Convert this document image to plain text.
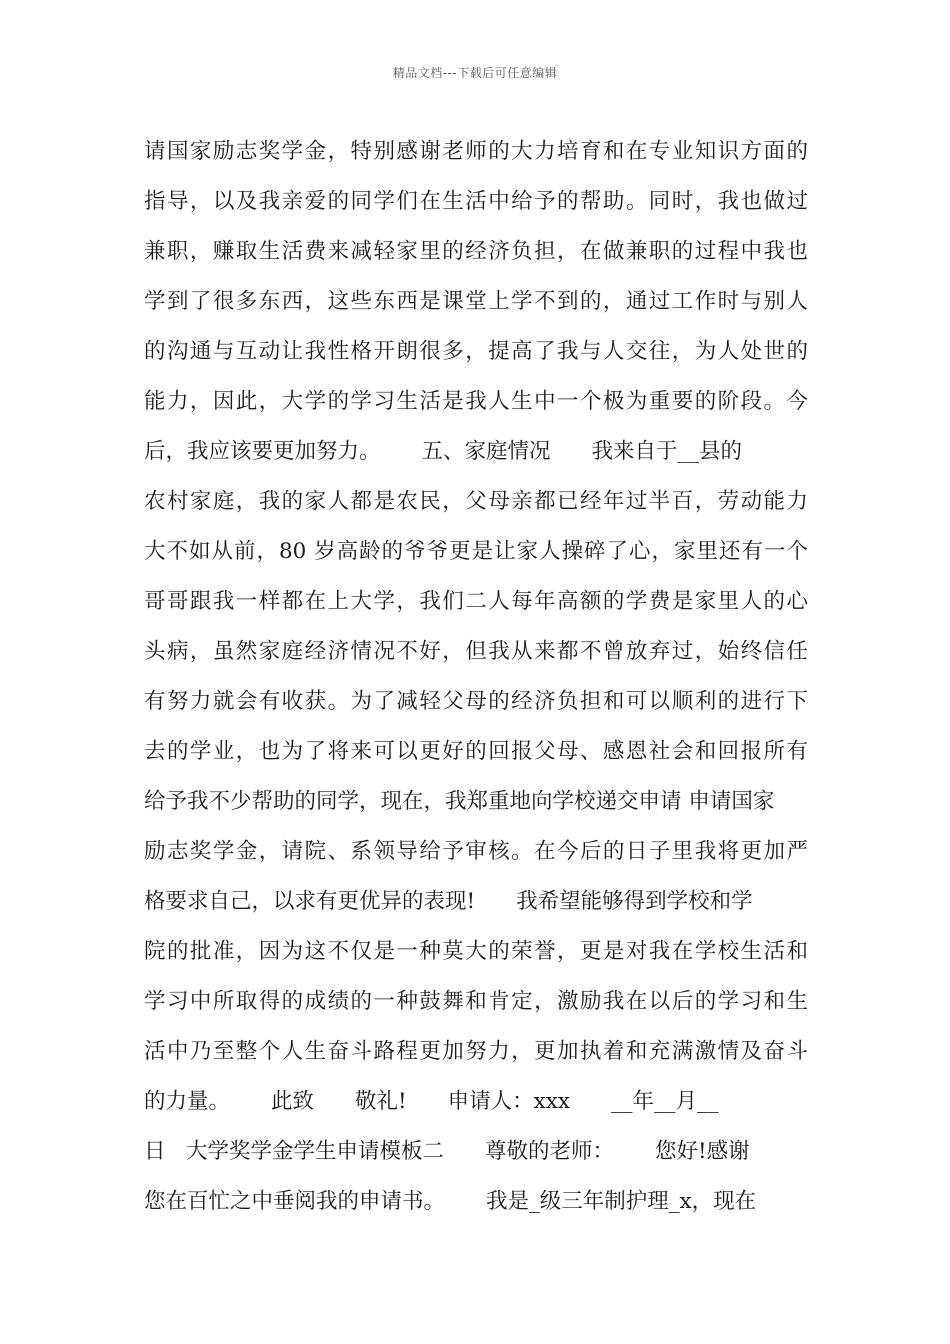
精品文档---下载后可任意编辑
请国家励志奖学金，特别感谢老师的大力培育和在专业知识方面的
指导，以及我亲爱的同学们在生活中给予的帮助。同时，我也做过
兼职，赚取生活费来减轻家里的经济负担，在做兼职的过程中我也
学到了很多东西，这些东西是课堂上学不到的，通过工作时与别人
的沟通与互动让我性格开朗很多，提高了我与人交往，为人处世的
能力，因此，大学的学习生活是我人生中一个极为重要的阶段。今
后，我应该要更加努力。      五、家庭情况      我来自于__县的
农村家庭，我的家人都是农民，父母亲都已经年过半百，劳动能力
大不如从前，80 岁高龄的爷爷更是让家人操碎了心，家里还有一个
哥哥跟我一样都在上大学，我们二人每年高额的学费是家里人的心
头病，虽然家庭经济情况不好，但我从来都不曾放弃过，始终信任
有努力就会有收获。为了减轻父母的经济负担和可以顺利的进行下
去的学业，也为了将来可以更好的回报父母、感恩社会和回报所有
给予我不少帮助的同学，现在，我郑重地向学校递交申请 申请国家
励志奖学金，请院、系领导给予审核。在今后的日子里我将更加严
格要求自己，以求有更优异的表现!      我希望能够得到学校和学
院的批准，因为这不仅是一种莫大的荣誉，更是对我在学校生活和
学习中所取得的成绩的一种鼓舞和肯定，激励我在以后的学习和生
活中乃至整个人生奋斗路程更加努力，更加执着和充满激情及奋斗
的力量。      此致      敬礼!      申请人：xxx      __年__月__
日   大学奖学金学生申请模板二      尊敬的老师：      您好!感谢
您在百忙之中垂阅我的申请书。      我是_级三年制护理_x，现在
